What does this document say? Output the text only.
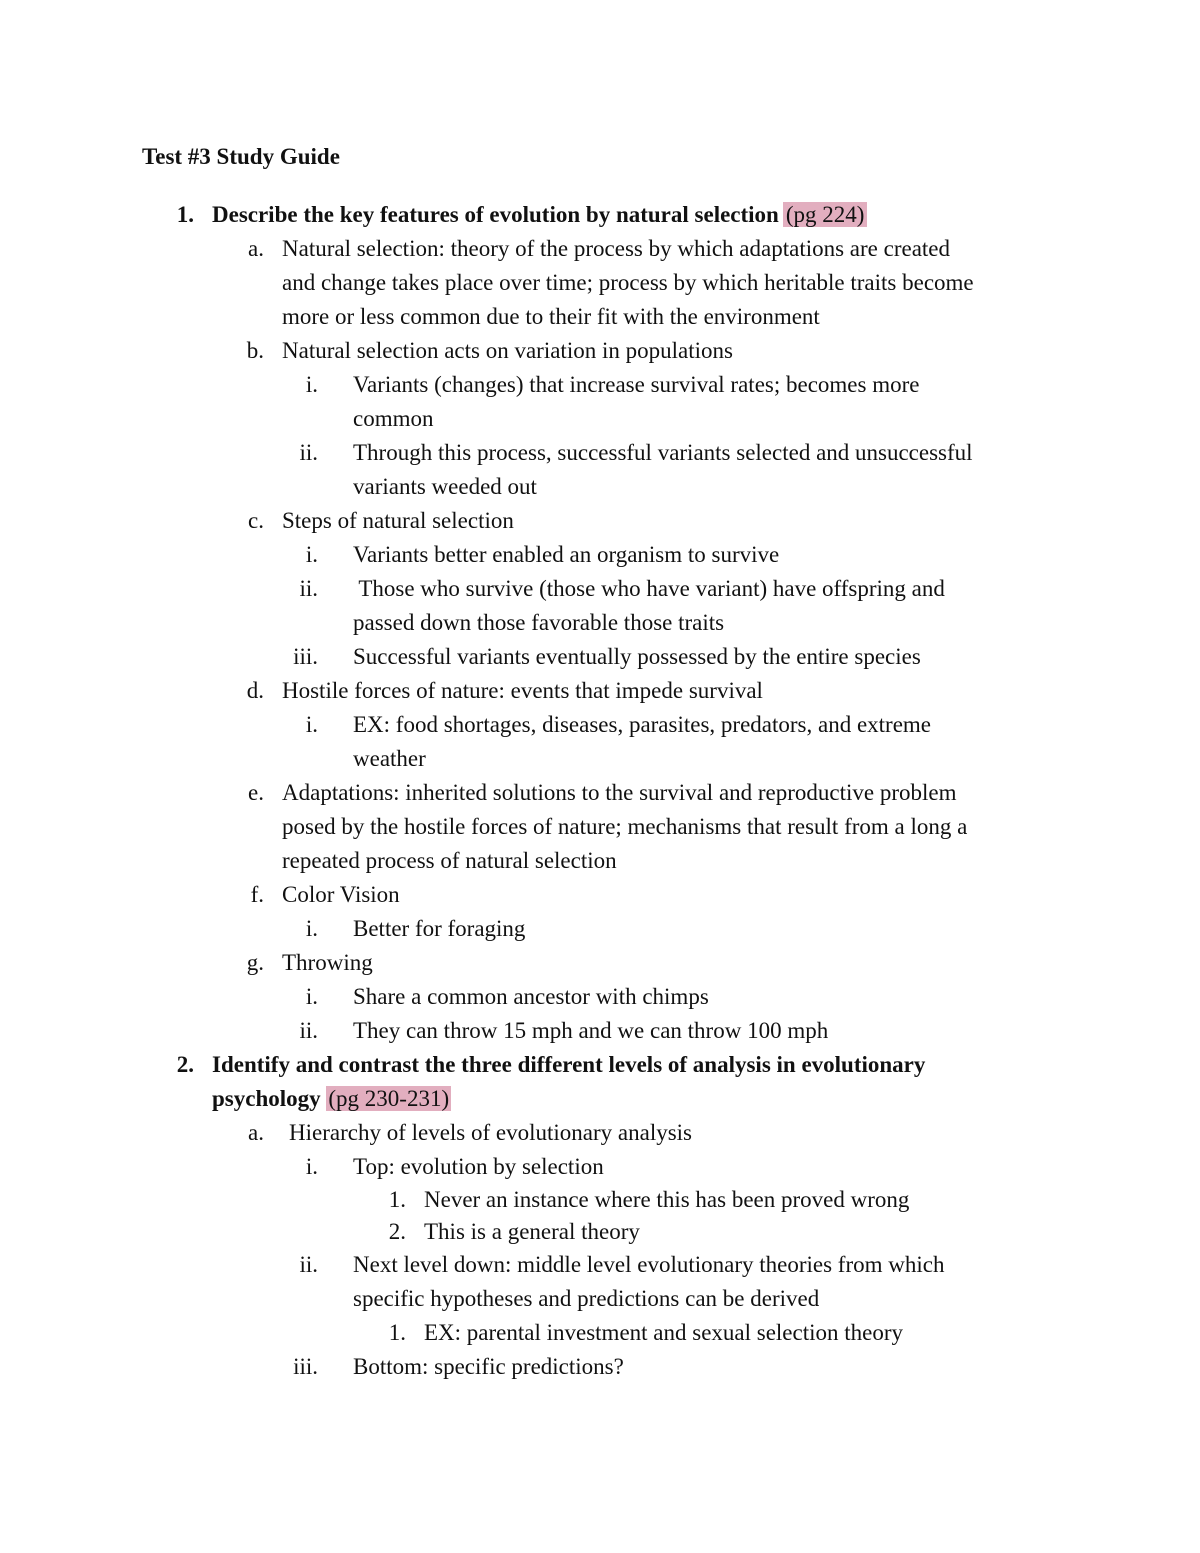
Test #3 Study Guide
1. Describe the key features of evolution by natural selection (pg 224)
a. Natural selection: theory of the process by which adaptations are created
and change takes place over time; process by which heritable traits become
more or less common due to their fit with the environment
b. Natural selection acts on variation in populations
i. Variants (changes) that increase survival rates; becomes more
common
ii. Through this process, successful variants selected and unsuccessful
variants weeded out
c. Steps of natural selection
i. Variants better enabled an organism to survive
ii. Those who survive (those who have variant) have offspring and
passed down those favorable those traits
iii. Successful variants eventually possessed by the entire species
d. Hostile forces of nature: events that impede survival
i. EX: food shortages, diseases, parasites, predators, and extreme
weather
e. Adaptations: inherited solutions to the survival and reproductive problem
posed by the hostile forces of nature; mechanisms that result from a long a
repeated process of natural selection
f. Color Vision
i. Better for foraging
g. Throwing
i. Share a common ancestor with chimps
ii. They can throw 15 mph and we can throw 100 mph
2. Identify and contrast the three different levels of analysis in evolutionary
psychology (pg 230-231)
a. Hierarchy of levels of evolutionary analysis
i. Top: evolution by selection
1. Never an instance where this has been proved wrong
2. This is a general theory
ii. Next level down: middle level evolutionary theories from which
specific hypotheses and predictions can be derived
1. EX: parental investment and sexual selection theory
iii. Bottom: specific predictions?
